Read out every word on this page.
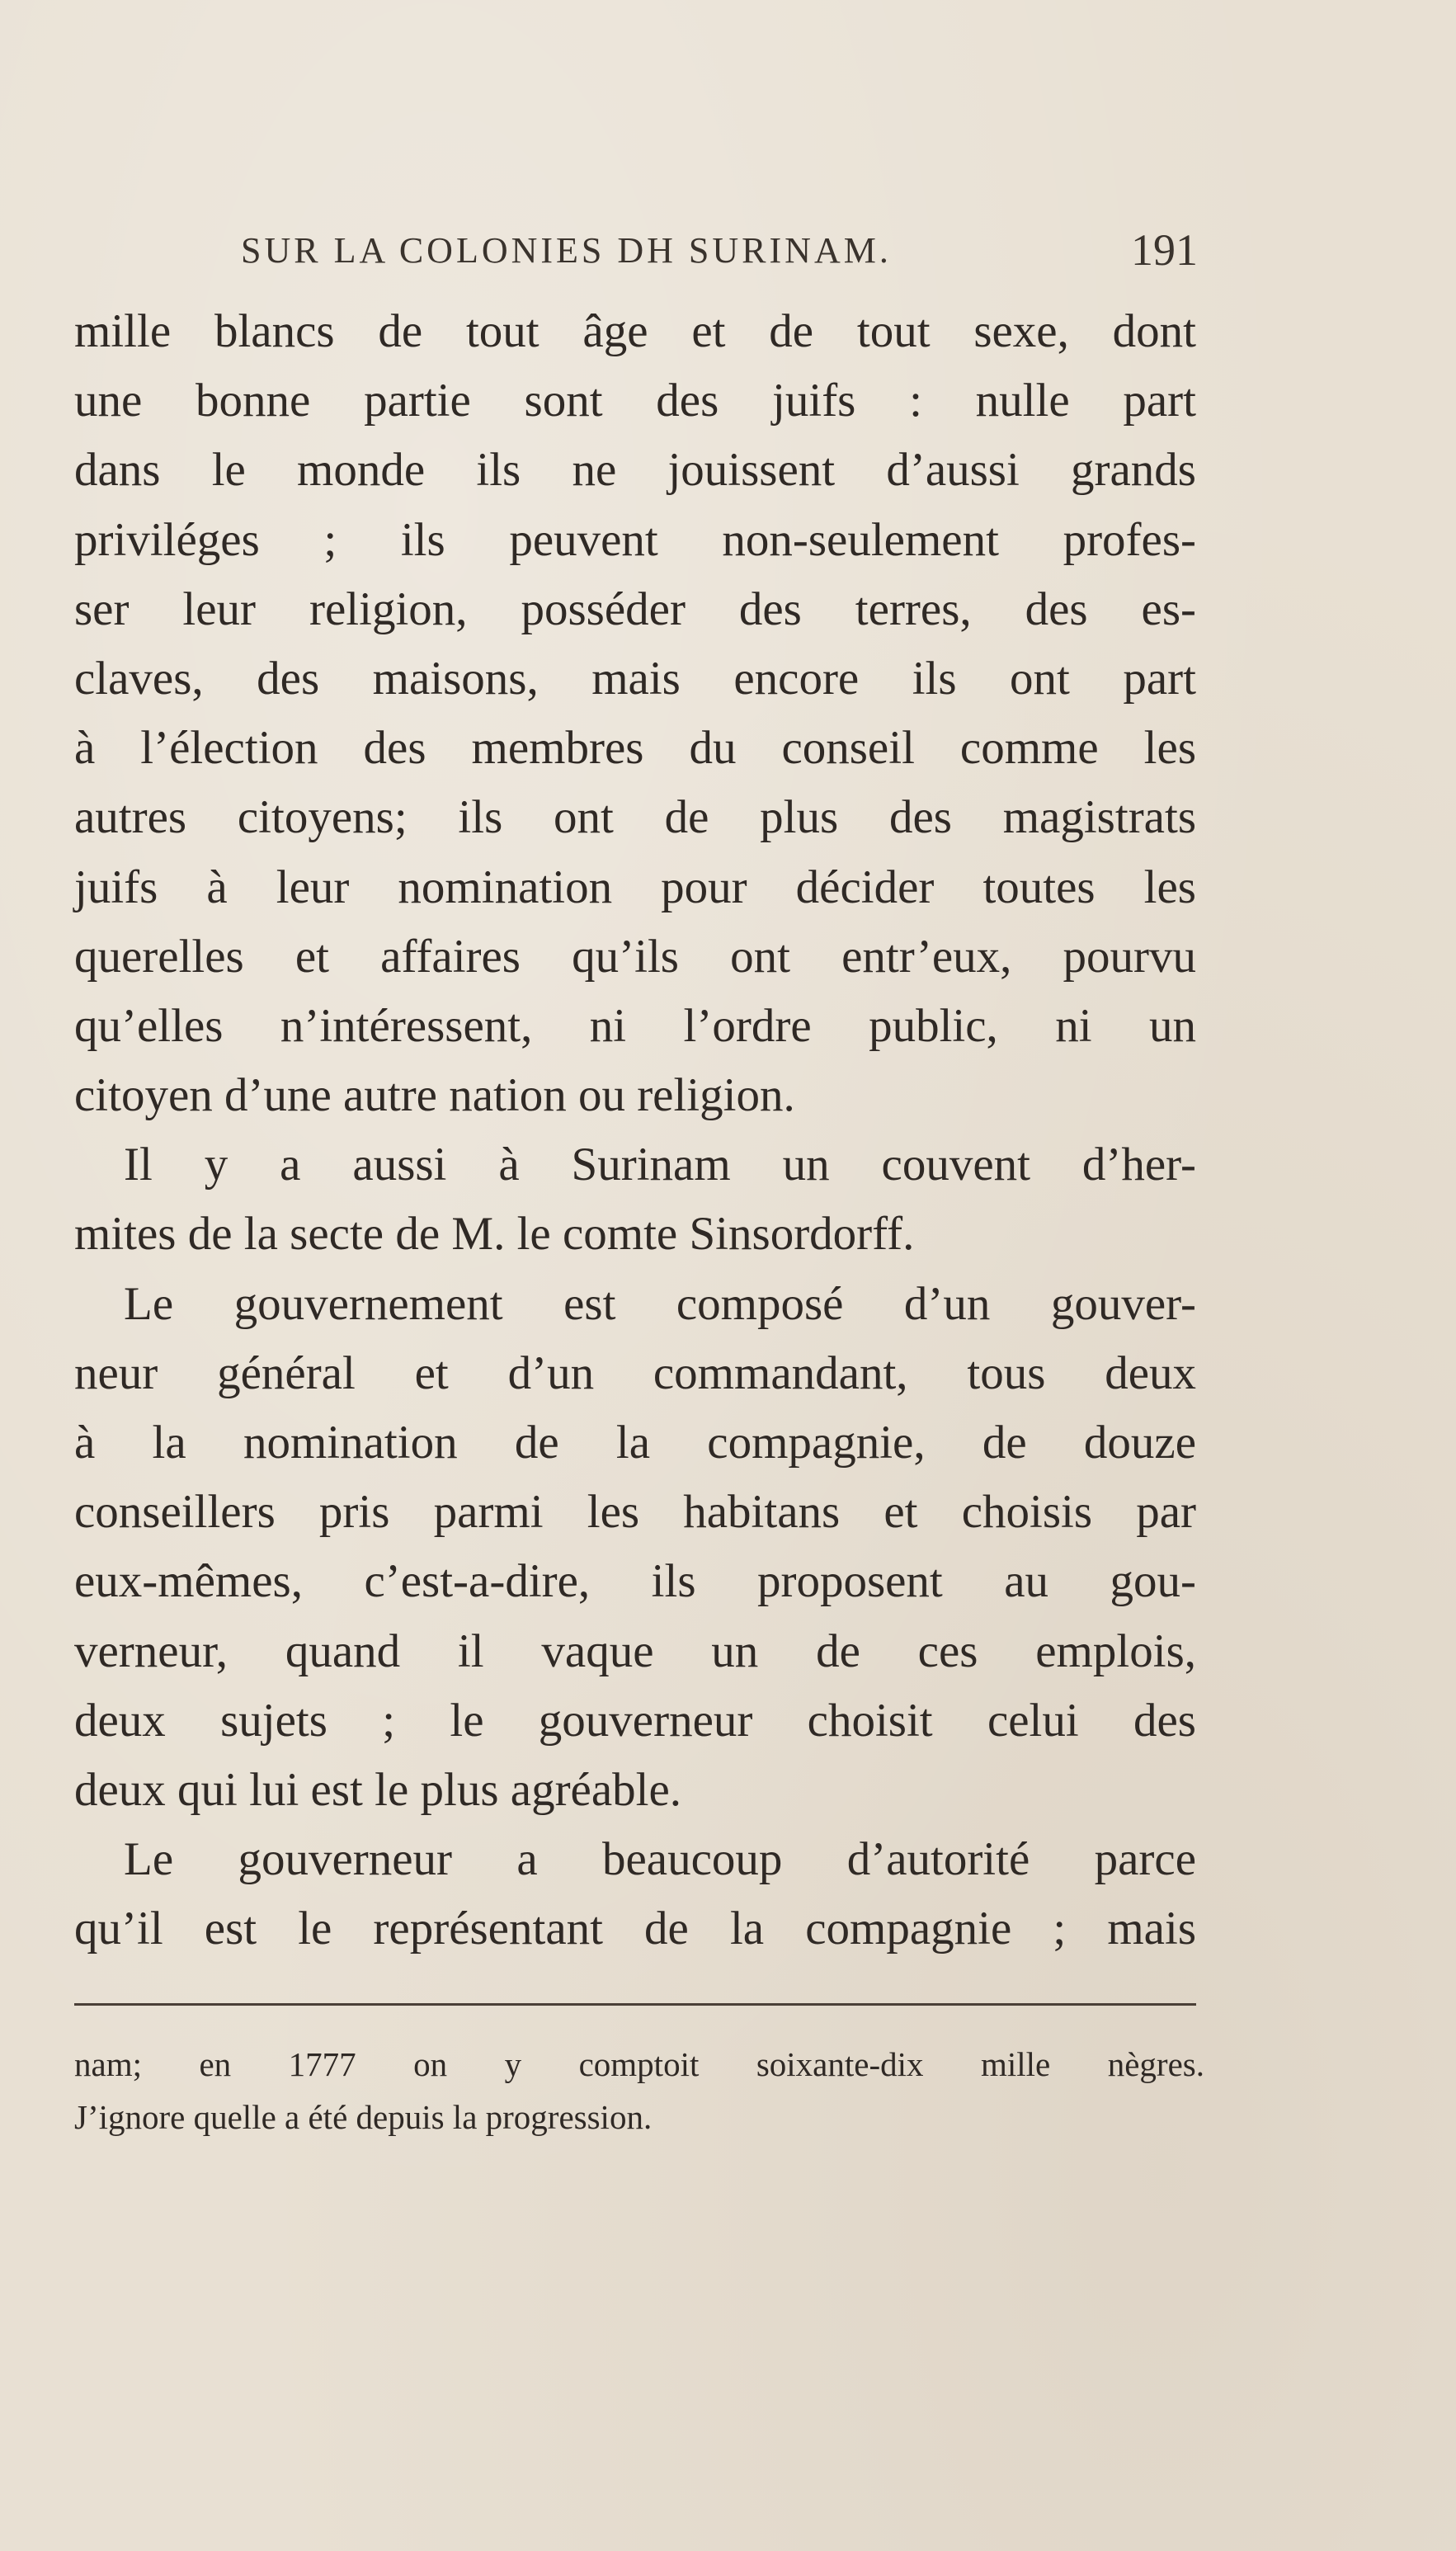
SUR LA COLONIES DH SURINAM.	191
mille blancs de tout âge et de tout sexe, dont
une bonne partie sont des juifs : nulle part
dans le monde ils ne jouissent d’aussi grands
priviléges ; ils peuvent non-seulement profes-
ser leur religion, posséder des terres, des es-
claves, des maisons, mais encore ils ont part
à l’élection des membres du conseil comme les
autres citoyens; ils ont de plus des magistrats
juifs à leur nomination pour décider toutes les
querelles et affaires qu’ils ont entr’eux, pourvu
qu’elles n’intéressent, ni l’ordre public, ni un
citoyen d’une autre nation ou religion.
Il y a aussi à Surinam un couvent d’her-
mites de la secte de M. le comte Sinsordorff.
Le gouvernement est composé d’un gouver-
neur général et d’un commandant, tous deux
à la nomination de la compagnie, de douze
conseillers pris parmi les habitans et choisis par
eux-mêmes, c’est-a-dire, ils proposent au gou-
verneur, quand il vaque un de ces emplois,
deux sujets ; le gouverneur choisit celui des
deux qui lui est le plus agréable.
Le gouverneur a beaucoup d’autorité parce
qu’il est le représentant de la compagnie ; mais
nam; en 1777 on y comptoit soixante-dix mille nègres.
J’ignore quelle a été depuis la progression.
